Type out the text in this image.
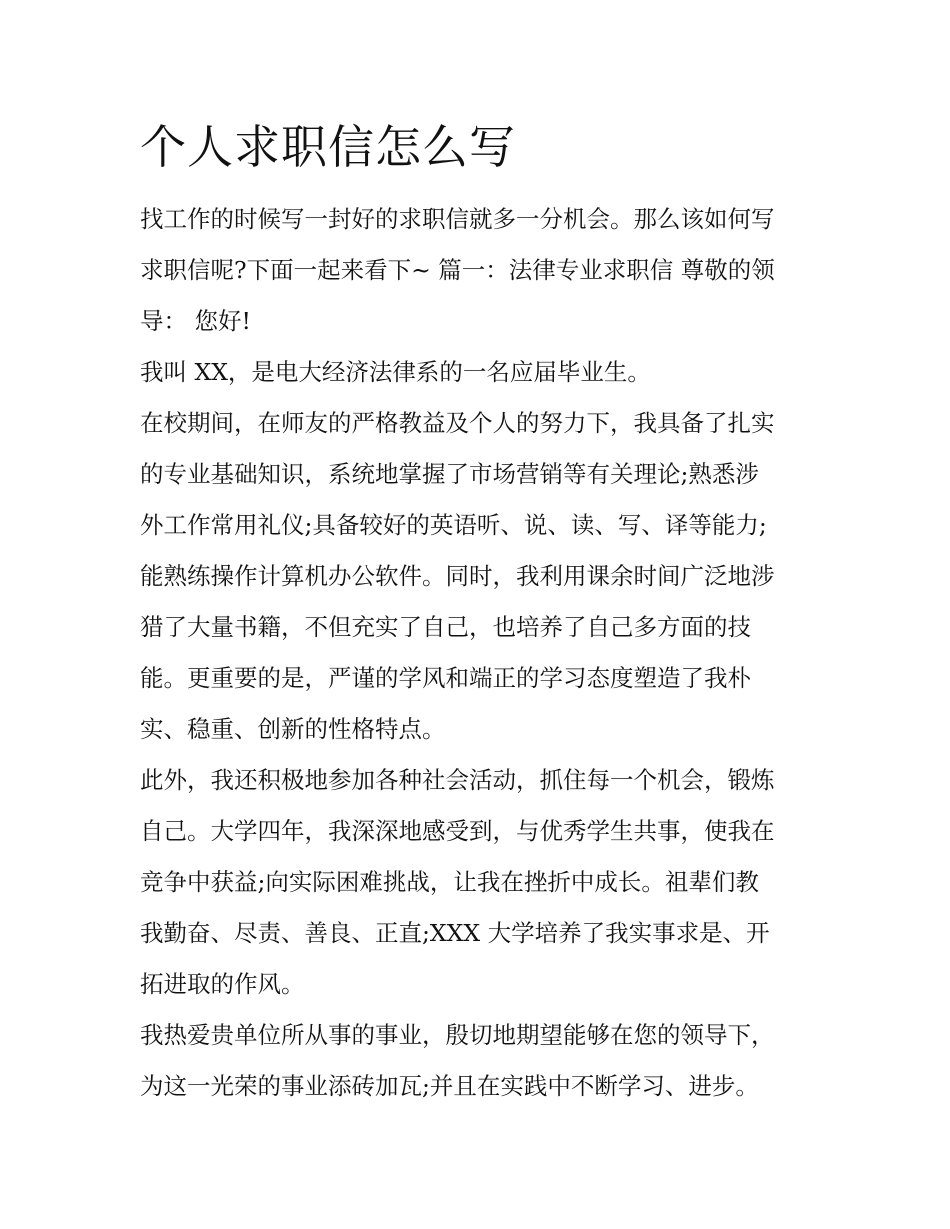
个人求职信怎么写

找工作的时候写一封好的求职信就多一分机会。那么该如何写
求职信呢?下面一起来看下~ 篇一：法律专业求职信 尊敬的领
导： 您好!

我叫 XX，是电大经济法律系的一名应届毕业生。

在校期间，在师友的严格教益及个人的努力下，我具备了扎实
的专业基础知识，系统地掌握了市场营销等有关理论;熟悉涉
外工作常用礼仪;具备较好的英语听、说、读、写、译等能力;
能熟练操作计算机办公软件。同时，我利用课余时间广泛地涉
猎了大量书籍，不但充实了自己，也培养了自己多方面的技
能。更重要的是，严谨的学风和端正的学习态度塑造了我朴
实、稳重、创新的性格特点。

此外，我还积极地参加各种社会活动，抓住每一个机会，锻炼
自己。大学四年，我深深地感受到，与优秀学生共事，使我在
竞争中获益;向实际困难挑战，让我在挫折中成长。祖辈们教
我勤奋、尽责、善良、正直;XXX 大学培养了我实事求是、开
拓进取的作风。

我热爱贵单位所从事的事业，殷切地期望能够在您的领导下，
为这一光荣的事业添砖加瓦;并且在实践中不断学习、进步。
